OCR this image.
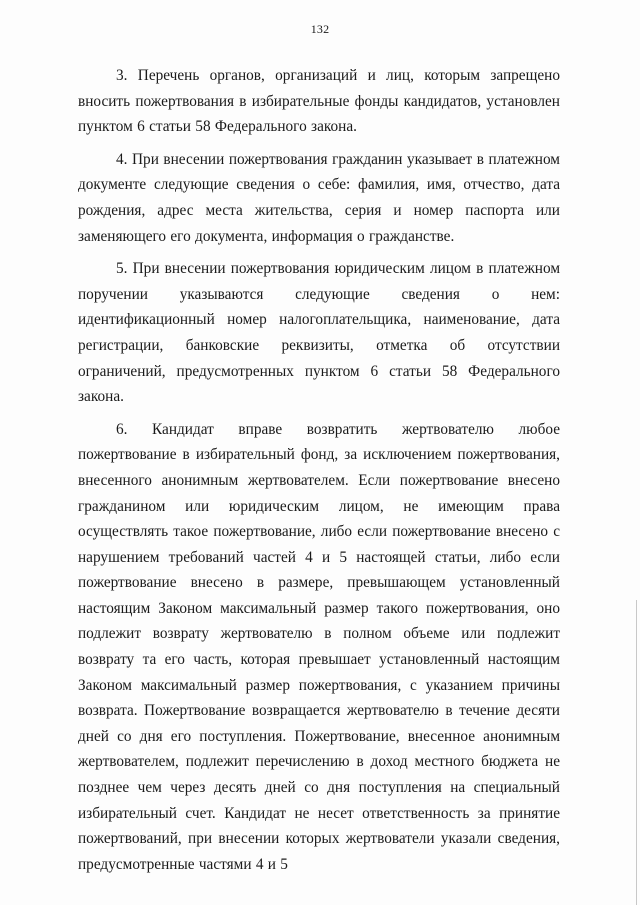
132

3. Перечень органов, организаций и лиц, которым запрещено вносить пожертвования в избирательные фонды кандидатов, установлен пунктом 6 статьи 58 Федерального закона.

4. При внесении пожертвования гражданин указывает в платежном документе следующие сведения о себе: фамилия, имя, отчество, дата рождения, адрес места жительства, серия и номер паспорта или заменяющего его документа, информация о гражданстве.

5. При внесении пожертвования юридическим лицом в платежном поручении указываются следующие сведения о нем: идентификационный номер налогоплательщика, наименование, дата регистрации, банковские реквизиты, отметка об отсутствии ограничений, предусмотренных пунктом 6 статьи 58 Федерального закона.

6. Кандидат вправе возвратить жертвователю любое пожертвование в избирательный фонд, за исключением пожертвования, внесенного анонимным жертвователем. Если пожертвование внесено гражданином или юридическим лицом, не имеющим права осуществлять такое пожертвование, либо если пожертвование внесено с нарушением требований частей 4 и 5 настоящей статьи, либо если пожертвование внесено в размере, превышающем установленный настоящим Законом максимальный размер такого пожертвования, оно подлежит возврату жертвователю в полном объеме или подлежит возврату та его часть, которая превышает установленный настоящим Законом максимальный размер пожертвования, с указанием причины возврата. Пожертвование возвращается жертвователю в течение десяти дней со дня его поступления. Пожертвование, внесенное анонимным жертвователем, подлежит перечислению в доход местного бюджета не позднее чем через десять дней со дня поступления на специальный избирательный счет. Кандидат не несет ответственность за принятие пожертвований, при внесении которых жертвователи указали сведения, предусмотренные частями 4 и 5
